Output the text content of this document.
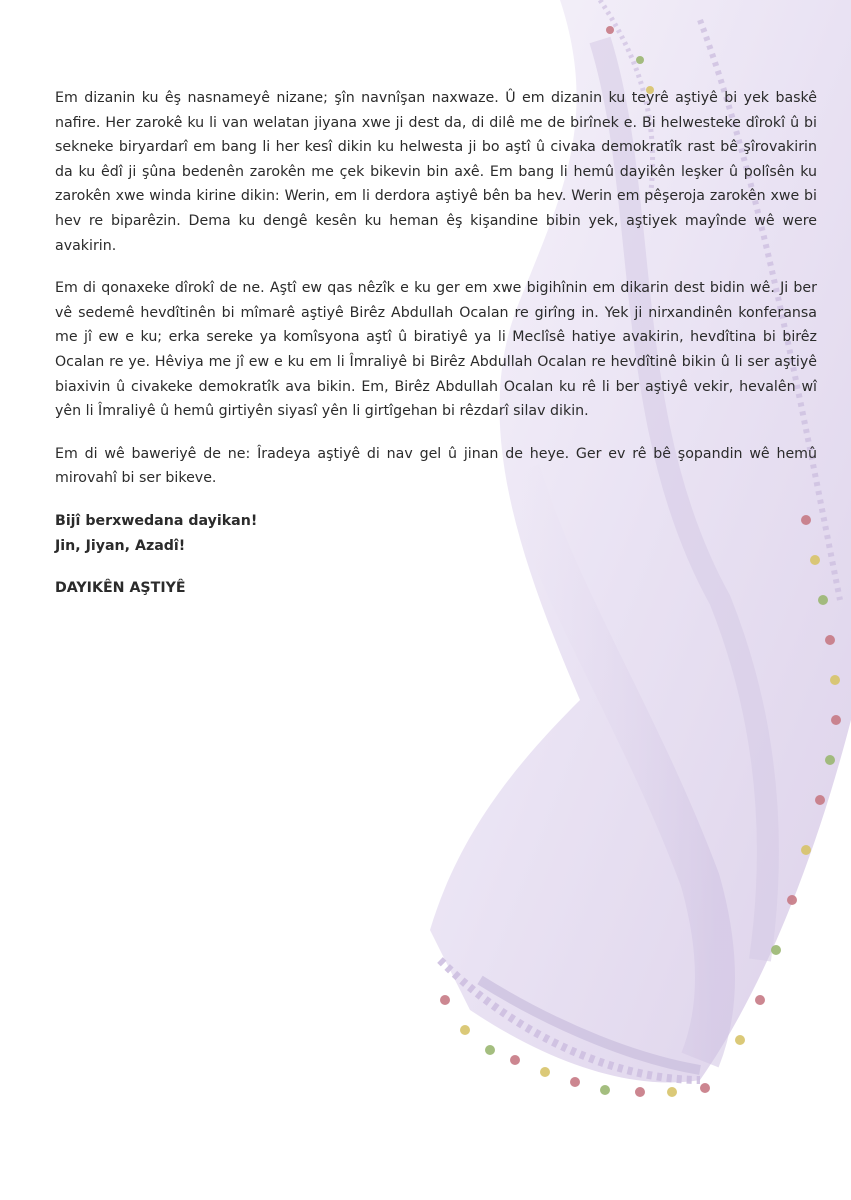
Em dizanin ku êş nasnameyê nizane; şîn navnîşan naxwaze. Û em dizanin ku teyrê aştiyê bi yek baskê nafire. Her zarokê ku li van welatan jiyana xwe ji dest da, di dilê me de birînek e. Bi helwesteke dîrokî û bi sekneke biryardarî em bang li her kesî dikin ku helwesta ji bo aştî û civaka demokratîk rast bê şîrovakirin da ku êdî ji şûna bedenên zarokên me çek bikevin bin axê. Em bang li hemû dayikên leşker û polîsên ku zarokên xwe winda kirine dikin: Werin, em li derdora aştiyê bên ba hev. Werin em pêşeroja zarokên xwe bi hev re biparêzin. Dema ku dengê kesên ku heman êş kişandine bibin yek, aştiyek mayînde wê were avakirin.

Em di qonaxeke dîrokî de ne. Aştî ew qas nêzîk e ku ger em xwe bigihînin em dikarin dest bidin wê. Ji ber vê sedemê hevdîtinên bi mîmarê aştiyê Birêz Abdullah Ocalan re girîng in. Yek ji nirxandinên konferansa me jî ew e ku; erka sereke ya komîsyona aştî û biratiyê ya li Meclîsê hatiye avakirin, hevdîtina bi birêz Ocalan re ye. Hêviya me jî ew e ku em li Îmraliyê bi Birêz Abdullah Ocalan re hevdîtinê bikin û li ser aştiyê biaxivin û civakeke demokratîk ava bikin. Em, Birêz Abdullah Ocalan ku rê li ber aştiyê vekir, hevalên wî yên li Îmraliyê û hemû girtiyên siyasî yên li girtîgehan bi rêzdarî silav dikin.

Em di wê baweriyê de ne: Îradeya aştiyê di nav gel û jinan de heye. Ger ev rê bê şopandin wê hemû mirovahî bi ser bikeve.

Bijî berxwedana dayikan!

Jin, Jiyan, Azadî!

DAYIKÊN AŞTIYÊ
